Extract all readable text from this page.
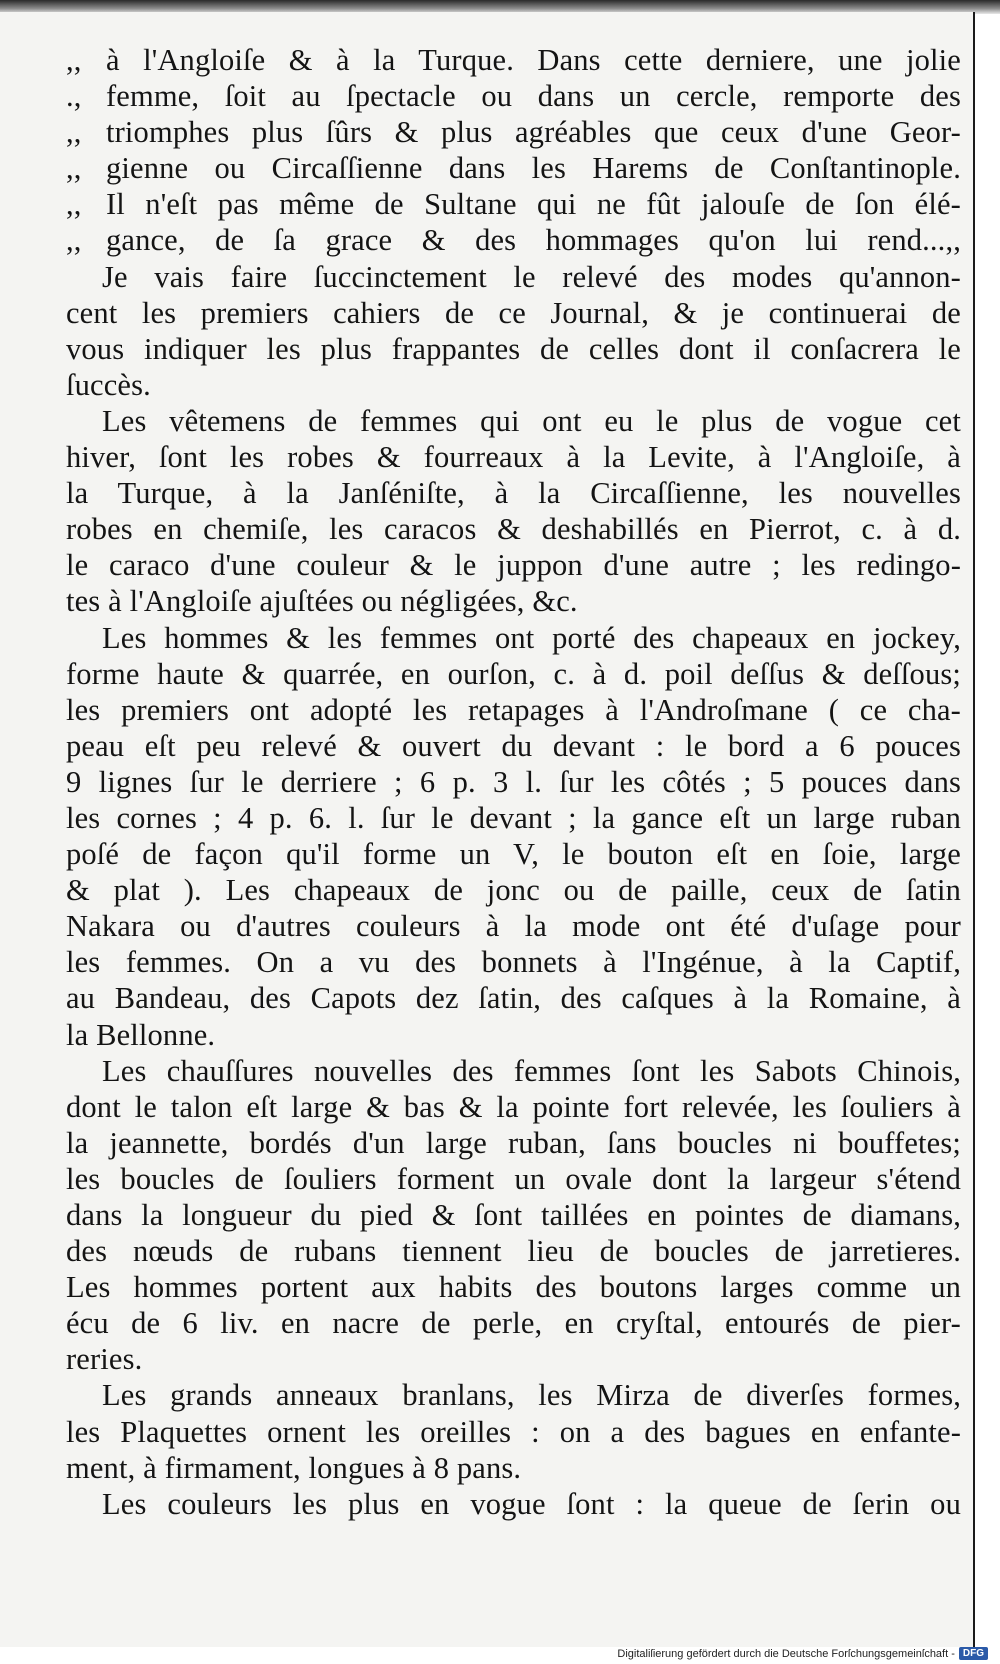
,, à l'Angloiſe & à la Turque. Dans cette derniere, une jolie
., femme, ſoit au ſpectacle ou dans un cercle, remporte des
,, triomphes plus ſûrs & plus agréables que ceux d'une Geor-
,, gienne ou Circaſſienne dans les Harems de Conſtantinople.
,, Il n'eſt pas même de Sultane qui ne fût jalouſe de ſon élé-
,, gance, de ſa grace & des hommages qu'on lui rend...,,
Je vais faire ſuccinctement le relevé des modes qu'annon-
cent les premiers cahiers de ce Journal, & je continuerai de
vous indiquer les plus frappantes de celles dont il conſacrera le
ſuccès.
Les vêtemens de femmes qui ont eu le plus de vogue cet
hiver, ſont les robes & fourreaux à la Levite, à l'Angloiſe, à
la Turque, à la Janſéniſte, à la Circaſſienne, les nouvelles
robes en chemiſe, les caracos & deshabillés en Pierrot, c. à d.
le caraco d'une couleur & le juppon d'une autre ; les redingo-
tes à l'Angloiſe ajuſtées ou négligées, &c.
Les hommes & les femmes ont porté des chapeaux en jockey,
forme haute & quarrée, en ourſon, c. à d. poil deſſus & deſſous;
les premiers ont adopté les retapages à l'Androſmane ( ce cha-
peau eſt peu relevé & ouvert du devant : le bord a 6 pouces
9 lignes ſur le derriere ; 6 p. 3 l. ſur les côtés ; 5 pouces dans
les cornes ; 4 p. 6. l. ſur le devant ; la gance eſt un large ruban
poſé de façon qu'il forme un V, le bouton eſt en ſoie, large
& plat ). Les chapeaux de jonc ou de paille, ceux de ſatin
Nakara ou d'autres couleurs à la mode ont été d'uſage pour
les femmes. On a vu des bonnets à l'Ingénue, à la Captif,
au Bandeau, des Capots dez ſatin, des caſques à la Romaine, à
la Bellonne.
Les chauſſures nouvelles des femmes ſont les Sabots Chinois,
dont le talon eſt large & bas & la pointe fort relevée, les ſouliers à
la jeannette, bordés d'un large ruban, ſans boucles ni bouffetes;
les boucles de ſouliers forment un ovale dont la largeur s'étend
dans la longueur du pied & ſont taillées en pointes de diamans,
des nœuds de rubans tiennent lieu de boucles de jarretieres.
Les hommes portent aux habits des boutons larges comme un
écu de 6 liv. en nacre de perle, en cryſtal, entourés de pier-
reries.
Les grands anneaux branlans, les Mirza de diverſes formes,
les Plaquettes ornent les oreilles : on a des bagues en enfante-
ment, à firmament, longues à 8 pans.
Les couleurs les plus en vogue ſont : la queue de ſerin ou
Digitaliſierung gefördert durch die Deutsche Forſchungsgemeinſchaft - DFG
